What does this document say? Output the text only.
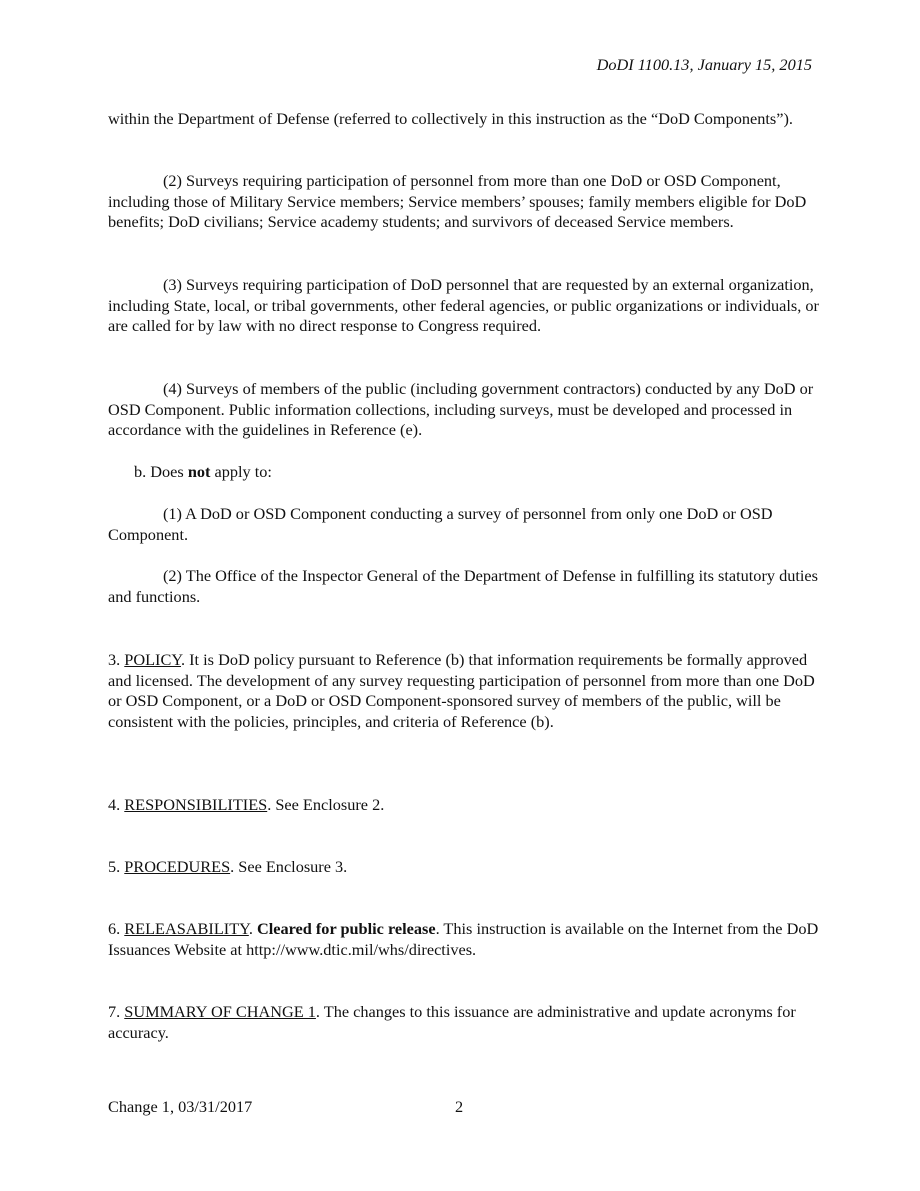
DoDI 1100.13, January 15, 2015

within the Department of Defense (referred to collectively in this instruction as the “DoD Components”).

(2) Surveys requiring participation of personnel from more than one DoD or OSD Component, including those of Military Service members; Service members’ spouses; family members eligible for DoD benefits; DoD civilians; Service academy students; and survivors of deceased Service members.

(3) Surveys requiring participation of DoD personnel that are requested by an external organization, including State, local, or tribal governments, other federal agencies, or public organizations or individuals, or are called for by law with no direct response to Congress required.

(4) Surveys of members of the public (including government contractors) conducted by any DoD or OSD Component. Public information collections, including surveys, must be developed and processed in accordance with the guidelines in Reference (e).

b. Does not apply to:

(1) A DoD or OSD Component conducting a survey of personnel from only one DoD or OSD Component.

(2) The Office of the Inspector General of the Department of Defense in fulfilling its statutory duties and functions.

3. POLICY. It is DoD policy pursuant to Reference (b) that information requirements be formally approved and licensed. The development of any survey requesting participation of personnel from more than one DoD or OSD Component, or a DoD or OSD Component-sponsored survey of members of the public, will be consistent with the policies, principles, and criteria of Reference (b).

4. RESPONSIBILITIES. See Enclosure 2.

5. PROCEDURES. See Enclosure 3.

6. RELEASABILITY. Cleared for public release. This instruction is available on the Internet from the DoD Issuances Website at http://www.dtic.mil/whs/directives.

7. SUMMARY OF CHANGE 1. The changes to this issuance are administrative and update acronyms for accuracy.

Change 1, 03/31/2017	2
